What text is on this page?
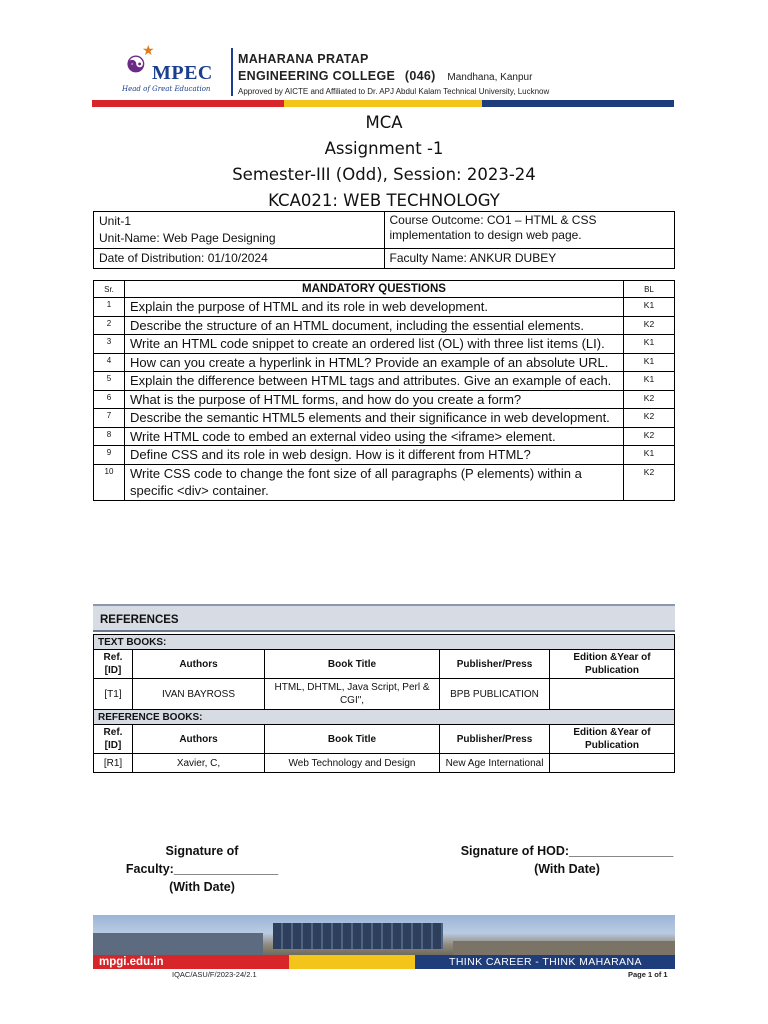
★
☯ MPEC
Head of Great Education
MAHARANA PRATAP
ENGINEERING COLLEGE (046) Mandhana, Kanpur
Approved by AICTE and Affiliated to Dr. APJ Abdul Kalam Technical University, Lucknow
MCA
Assignment -1
Semester-III (Odd), Session: 2023-24
KCA021: WEB TECHNOLOGY
Unit-1
Unit-Name: Web Page Designing	Course Outcome: CO1 – HTML & CSS implementation to design web page.
Date of Distribution: 01/10/2024	Faculty Name: ANKUR DUBEY
Sr.	MANDATORY QUESTIONS	BL
1	Explain the purpose of HTML and its role in web development.	K1
2	Describe the structure of an HTML document, including the essential elements.	K2
3	Write an HTML code snippet to create an ordered list (OL) with three list items (LI).	K1
4	How can you create a hyperlink in HTML? Provide an example of an absolute URL.	K1
5	Explain the difference between HTML tags and attributes. Give an example of each.	K1
6	What is the purpose of HTML forms, and how do you create a form?	K2
7	Describe the semantic HTML5 elements and their significance in web development.	K2
8	Write HTML code to embed an external video using the <iframe> element.	K2
9	Define CSS and its role in web design. How is it different from HTML?	K1
10	Write CSS code to change the font size of all paragraphs (P elements) within a specific <div> container.	K2
REFERENCES
TEXT BOOKS:				
Ref. [ID]	Authors	Book Title	Publisher/Press	Edition &Year of Publication
[T1]	IVAN BAYROSS	HTML, DHTML, Java Script, Perl & CGI",	BPB PUBLICATION	
REFERENCE BOOKS:				
Ref. [ID]	Authors	Book Title	Publisher/Press	Edition &Year of Publication
[R1]	Xavier, C,	Web Technology and Design	New Age International	
Signature of Faculty:_______________
(With Date)
Signature of HOD:_______________
(With Date)
mpgi.edu.in	THINK CAREER - THINK MAHARANA
IQAC/ASU/F/2023-24/2.1	Page 1 of 1
